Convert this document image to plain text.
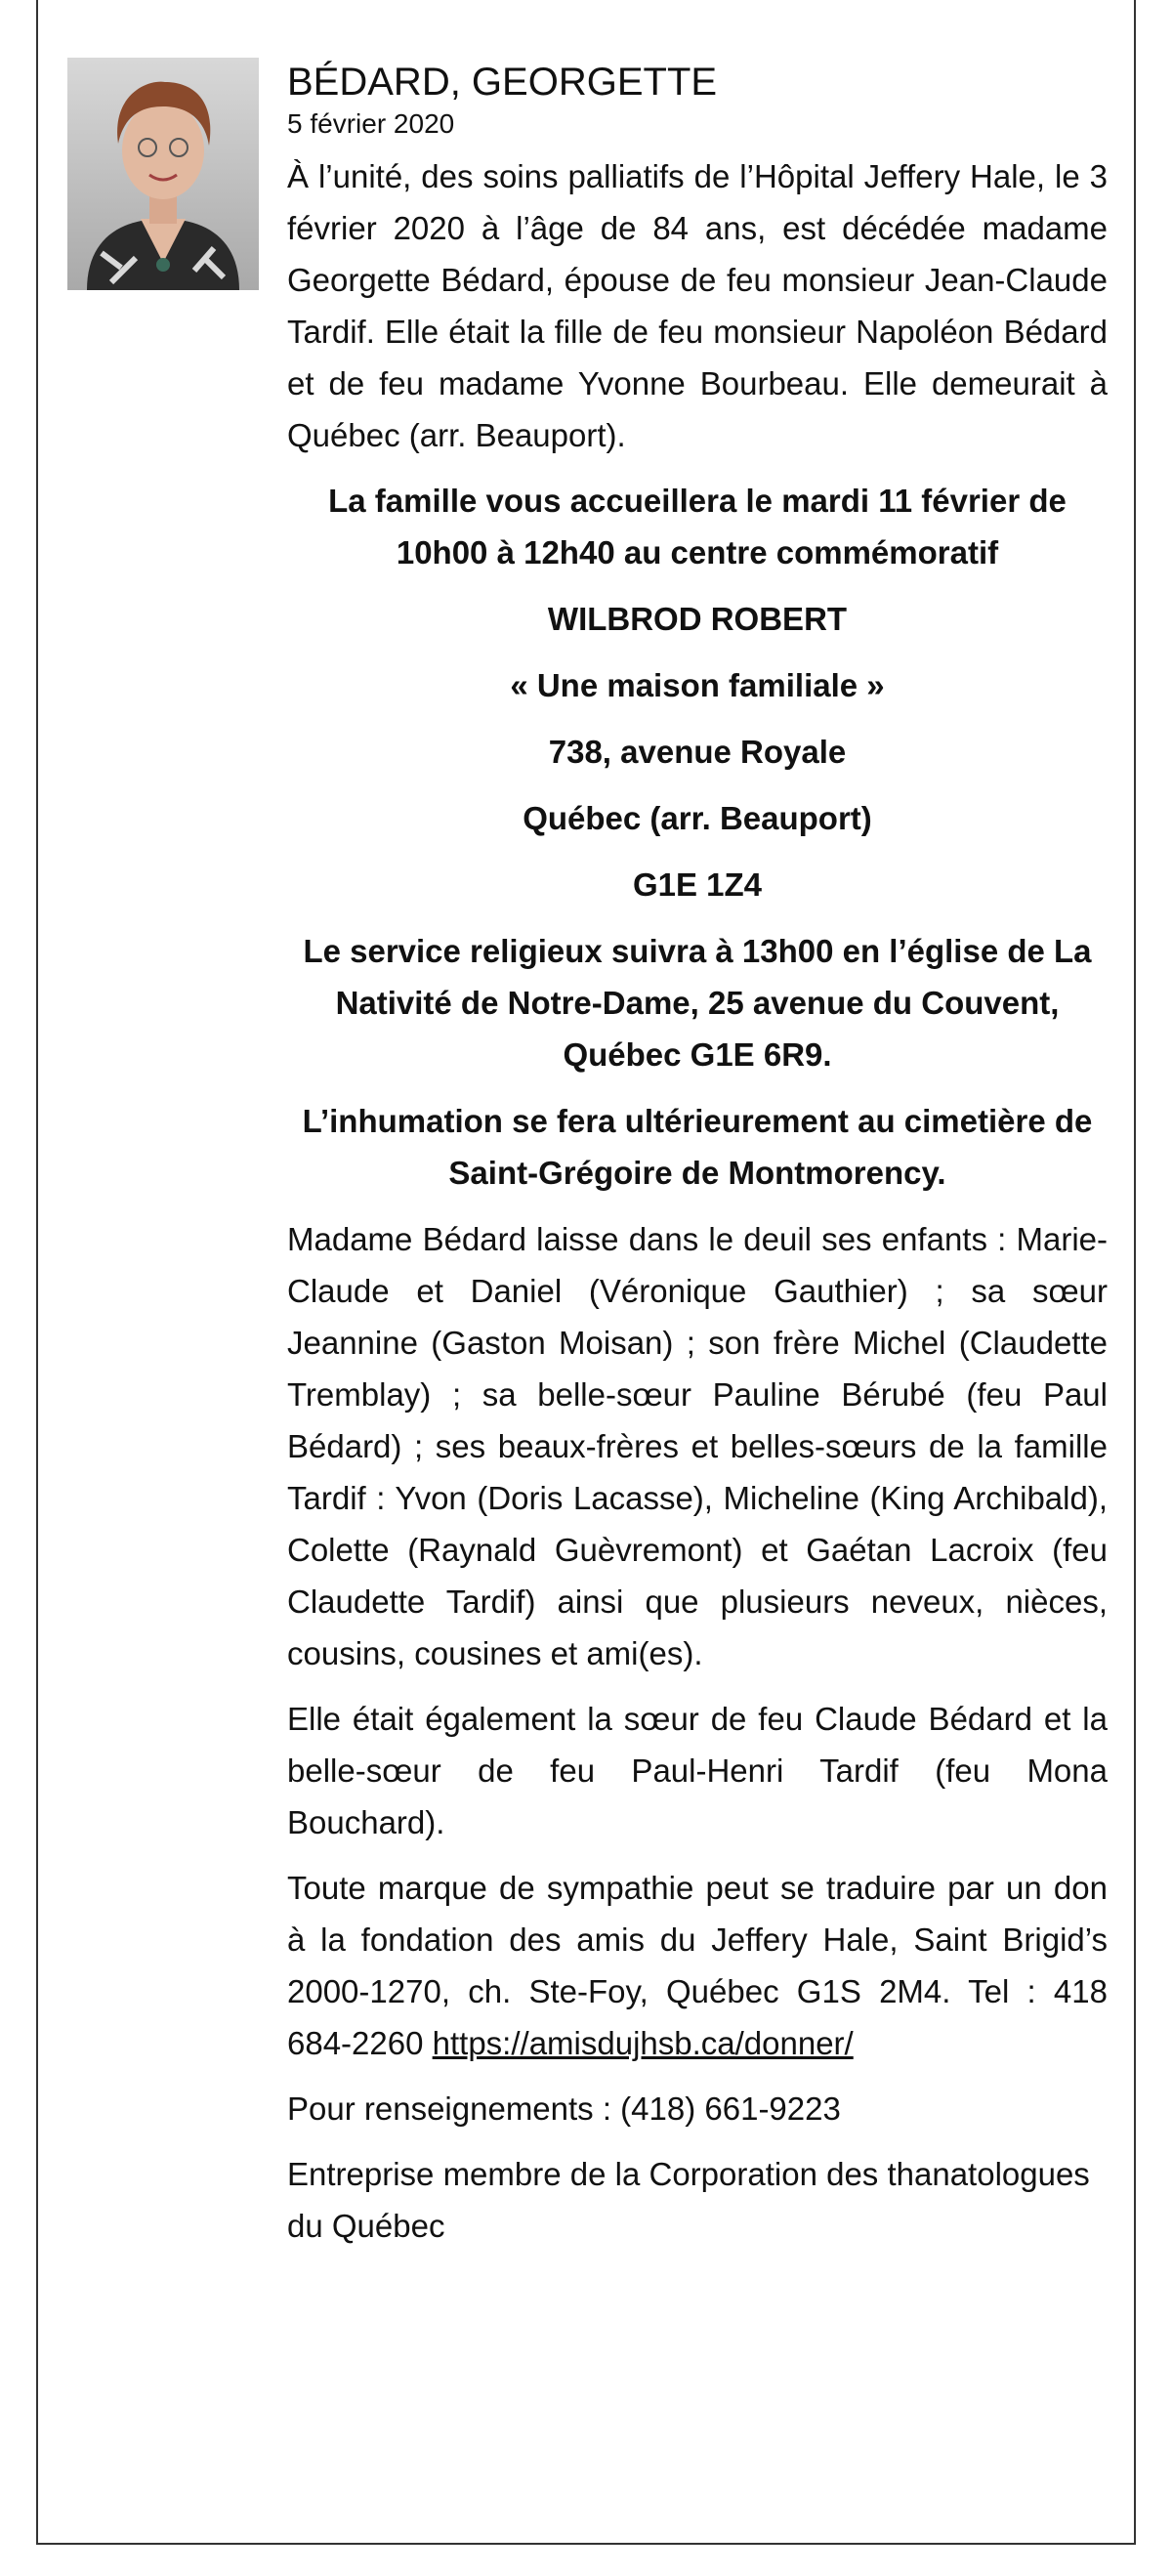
BÉDARD, GEORGETTE

5 février 2020

À l’unité, des soins palliatifs de l’Hôpital Jeffery Hale, le 3 février 2020 à l’âge de 84 ans, est décédée madame Georgette Bédard, épouse de feu monsieur Jean-Claude Tardif. Elle était la fille de feu monsieur Napoléon Bédard et de feu madame Yvonne Bourbeau. Elle demeurait à Québec (arr. Beauport).

La famille vous accueillera le mardi 11 février de 10h00 à 12h40 au centre commémoratif

WILBROD ROBERT

« Une maison familiale »

738, avenue Royale

Québec (arr. Beauport)

G1E 1Z4

Le service religieux suivra à 13h00 en l’église de La Nativité de Notre-Dame, 25 avenue du Couvent, Québec G1E 6R9.

L’inhumation se fera ultérieurement au cimetière de Saint-Grégoire de Montmorency.

Madame Bédard laisse dans le deuil ses enfants : Marie-Claude et Daniel (Véronique Gauthier) ; sa sœur Jeannine (Gaston Moisan) ; son frère Michel (Claudette Tremblay) ; sa belle-sœur Pauline Bérubé (feu Paul Bédard) ; ses beaux-frères et belles-sœurs de la famille Tardif : Yvon (Doris Lacasse), Micheline (King Archibald), Colette (Raynald Guèvremont) et Gaétan Lacroix (feu Claudette Tardif) ainsi que plusieurs neveux, nièces, cousins, cousines et ami(es).

Elle était également la sœur de feu Claude Bédard et la belle-sœur de feu Paul-Henri Tardif (feu Mona Bouchard).

Toute marque de sympathie peut se traduire par un don à la fondation des amis du Jeffery Hale, Saint Brigid’s 2000-1270, ch. Ste-Foy, Québec G1S 2M4. Tel : 418 684-2260 https://amisdujhsb.ca/donner/

Pour renseignements : (418) 661-9223

Entreprise membre de la Corporation des thanatologues du Québec
